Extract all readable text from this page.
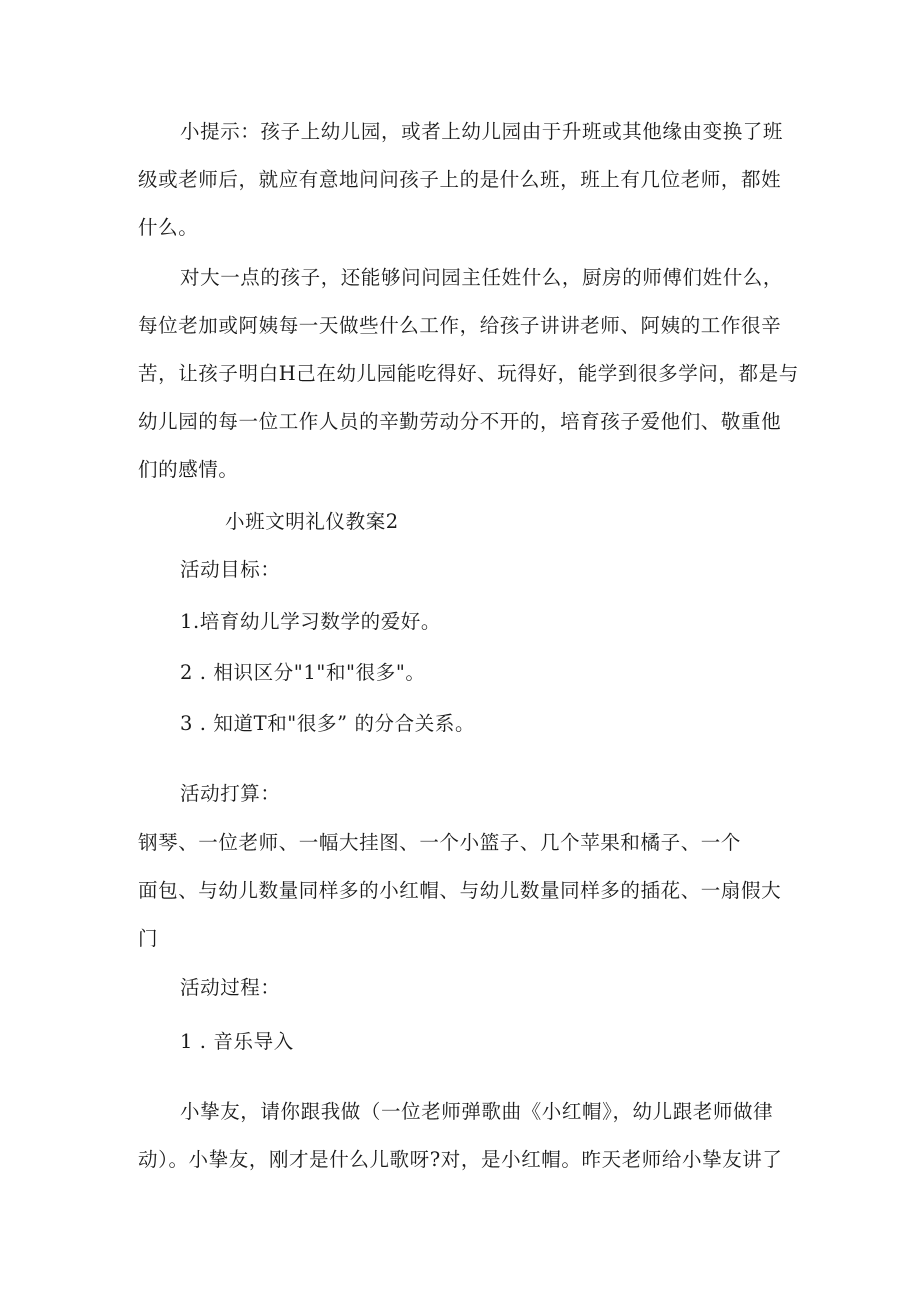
小提示：孩子上幼儿园，或者上幼儿园由于升班或其他缘由变换了班
级或老师后，就应有意地问问孩子上的是什么班，班上有几位老师，都姓
什么。
对大一点的孩子，还能够问问园主任姓什么，厨房的师傅们姓什么，
每位老加或阿姨每一天做些什么工作，给孩子讲讲老师、阿姨的工作很辛
苦，让孩子明白H己在幼儿园能吃得好、玩得好，能学到很多学问，都是与
幼儿园的每一位工作人员的辛勤劳动分不开的，培育孩子爱他们、敬重他
们的感情。
小班文明礼仪教案2
活动目标：
1.培育幼儿学习数学的爱好。
2 . 相识区分"1"和"很多"。
3 . 知道T和"很多” 的分合关系。
活动打算：
钢琴、一位老师、一幅大挂图、一个小篮子、几个苹果和橘子、一个
面包、与幼儿数量同样多的小红帽、与幼儿数量同样多的插花、一扇假大
门
活动过程：
1 . 音乐导入
小挚友，请你跟我做（一位老师弹歌曲《小红帽》，幼儿跟老师做律
动）。小挚友，刚才是什么儿歌呀?对，是小红帽。昨天老师给小挚友讲了
